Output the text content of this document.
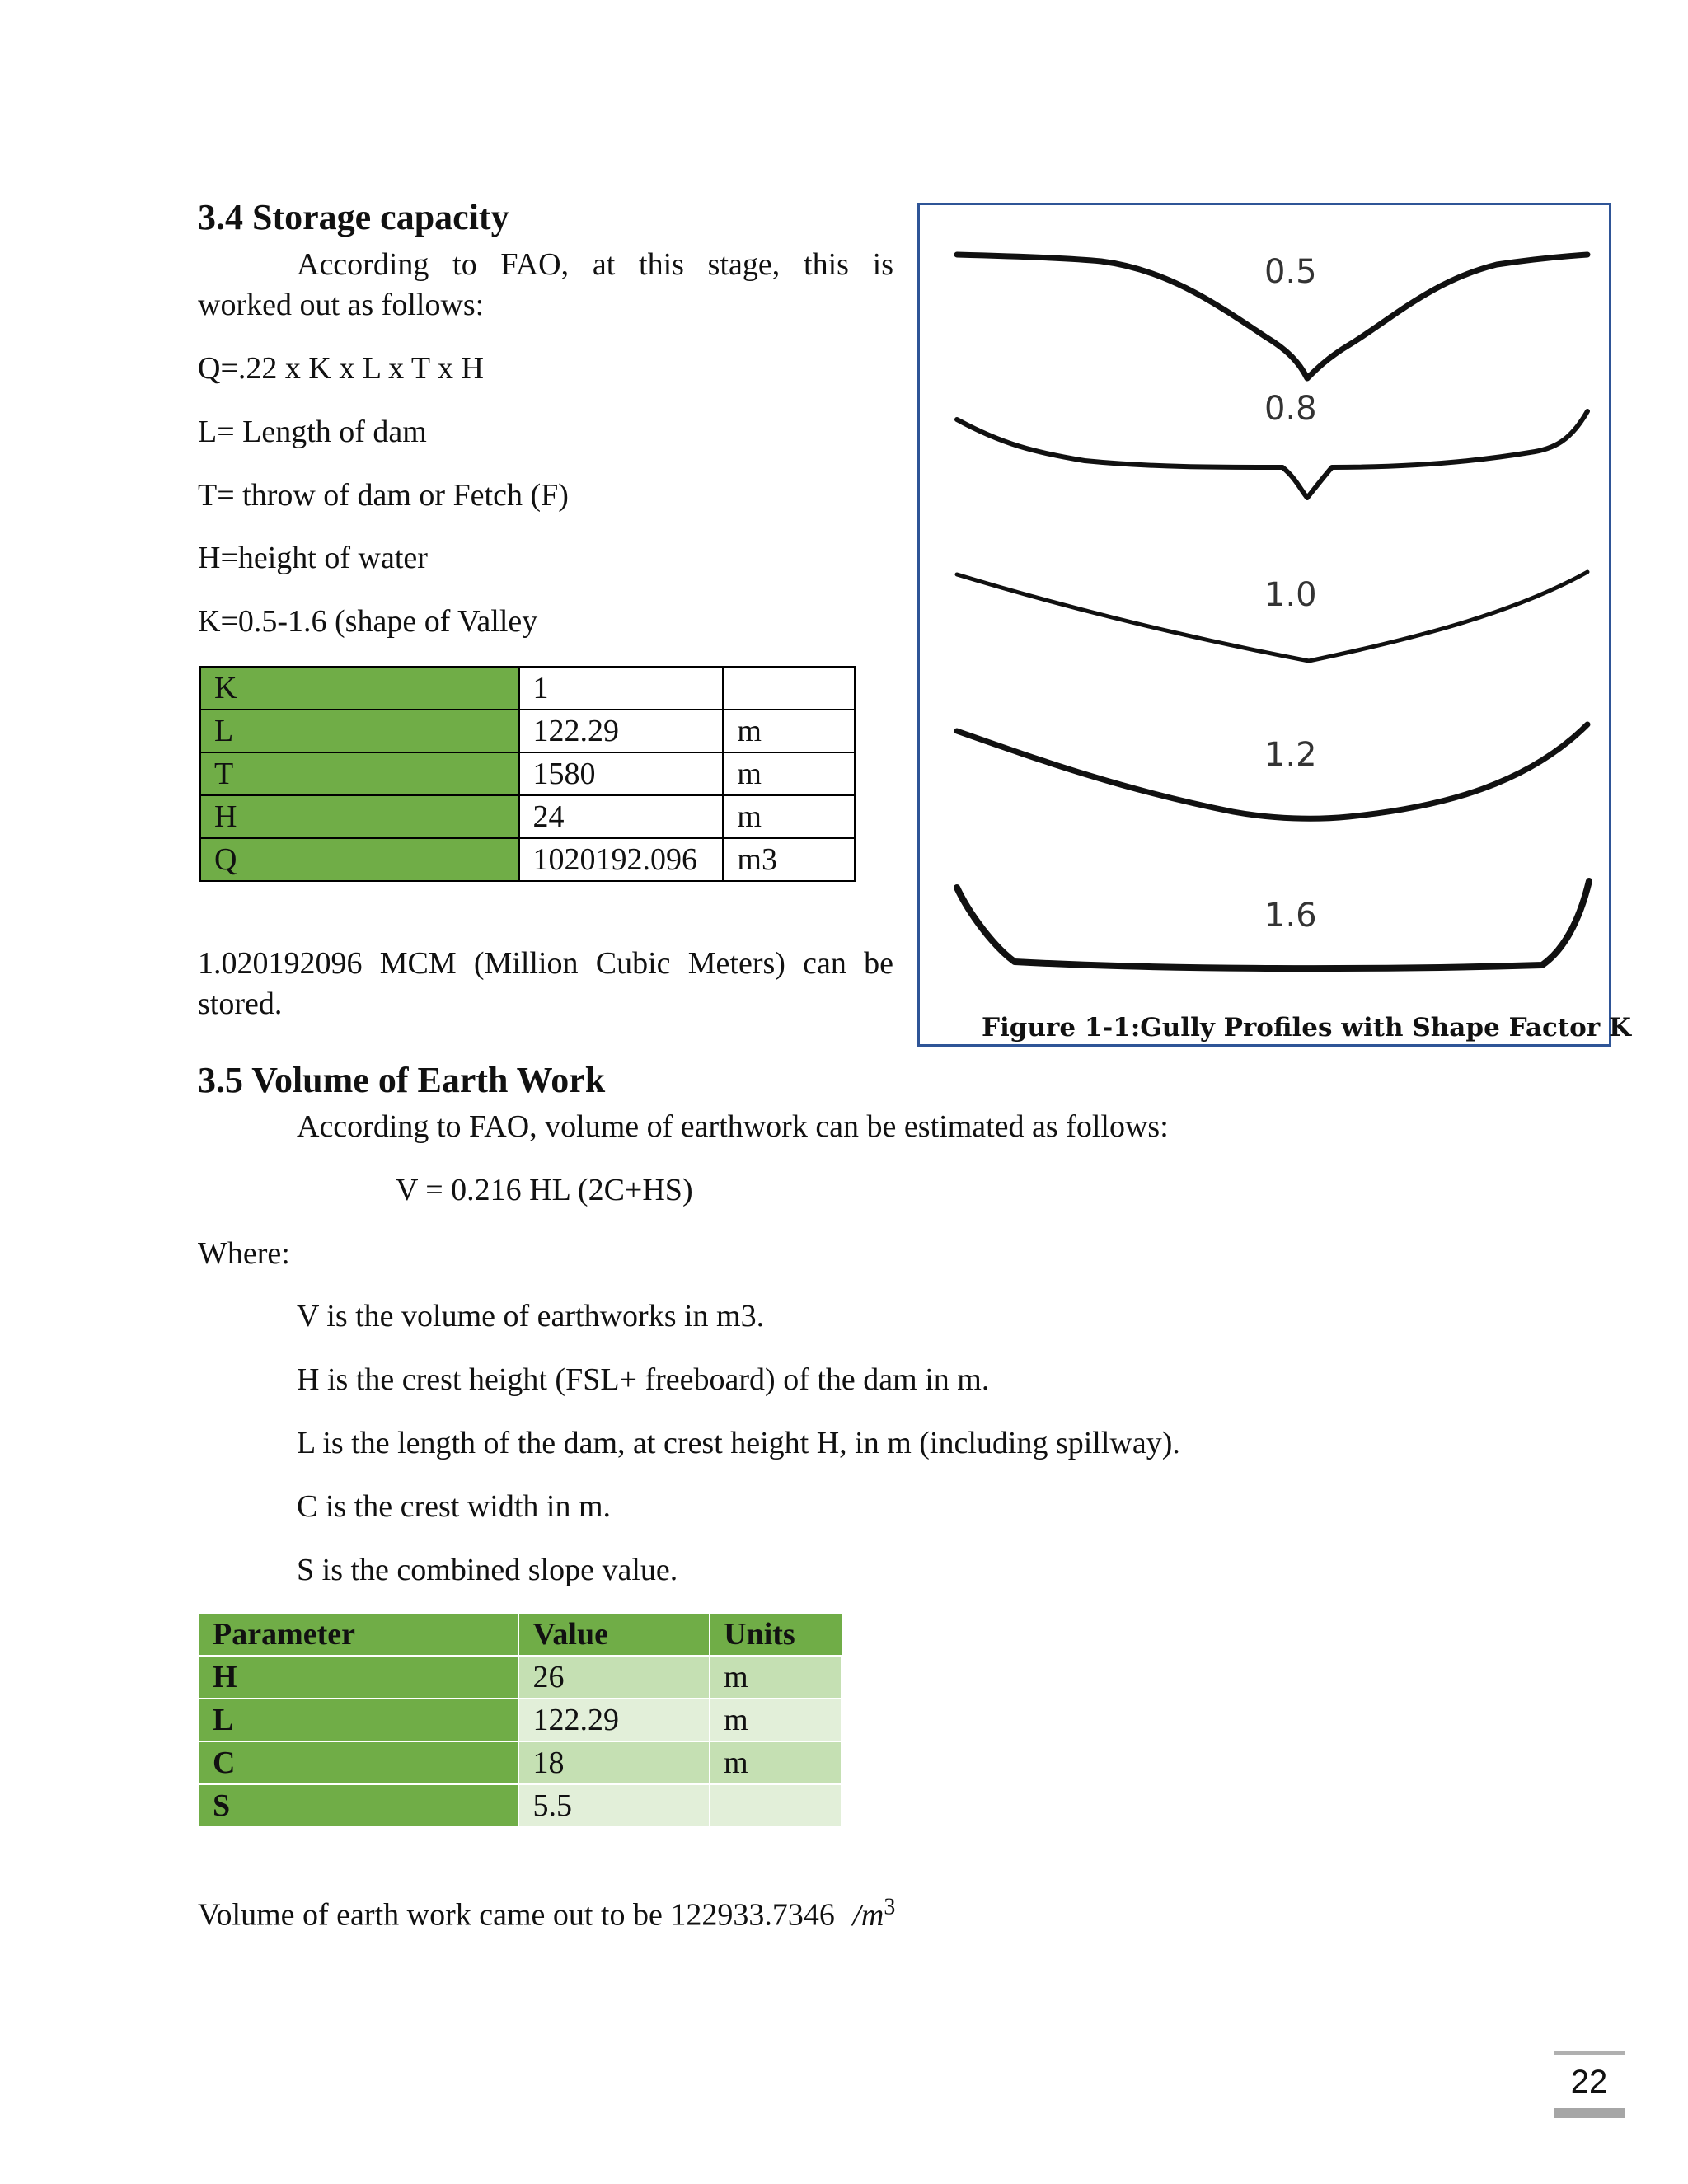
3.4 Storage capacity
According to FAO, at this stage, this is
worked out as follows:
Q=.22 x K x L x T x H
L= Length of dam
T= throw of dam or Fetch (F)
H=height of water
K=0.5-1.6 (shape of Valley
K	1	
L	122.29	m
T	1580	m
H	24	m
Q	1020192.096	m3
1.020192096 MCM (Million Cubic Meters) can be
stored.
0.5
0.8
1.0
1.2
1.6
Figure 1-1:Gully Profiles with Shape Factor K
3.5 Volume of Earth Work
According to FAO, volume of earthwork can be estimated as follows:
V = 0.216 HL (2C+HS)
Where:
V is the volume of earthworks in m3.
H is the crest height (FSL+ freeboard) of the dam in m.
L is the length of the dam, at crest height H, in m (including spillway).
C is the crest width in m.
S is the combined slope value.
Parameter	Value	Units
H	26	m
L	122.29	m
C	18	m
S	5.5	
Volume of earth work came out to be 122933.7346 $/m^3$
22
